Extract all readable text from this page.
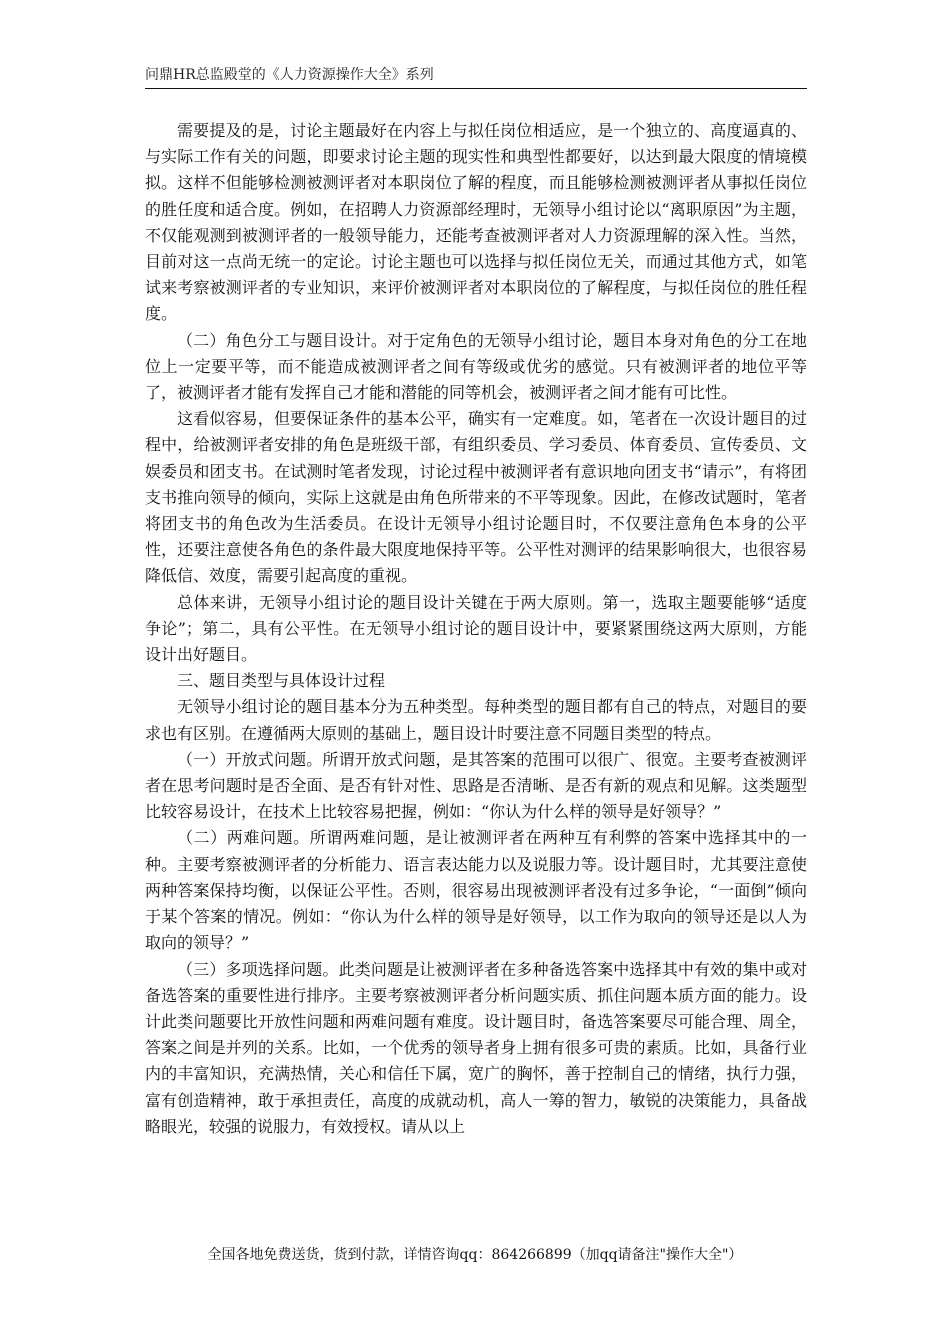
问鼎HR总监殿堂的《人力资源操作大全》系列

需要提及的是，讨论主题最好在内容上与拟任岗位相适应，是一个独立的、高度逼真的、与实际工作有关的问题，即要求讨论主题的现实性和典型性都要好，以达到最大限度的情境模拟。这样不但能够检测被测评者对本职岗位了解的程度，而且能够检测被测评者从事拟任岗位的胜任度和适合度。例如，在招聘人力资源部经理时，无领导小组讨论以“离职原因”为主题，不仅能观测到被测评者的一般领导能力，还能考查被测评者对人力资源理解的深入性。当然，目前对这一点尚无统一的定论。讨论主题也可以选择与拟任岗位无关，而通过其他方式，如笔试来考察被测评者的专业知识，来评价被测评者对本职岗位的了解程度，与拟任岗位的胜任程度。

（二）角色分工与题目设计。对于定角色的无领导小组讨论，题目本身对角色的分工在地位上一定要平等，而不能造成被测评者之间有等级或优劣的感觉。只有被测评者的地位平等了，被测评者才能有发挥自己才能和潜能的同等机会，被测评者之间才能有可比性。

这看似容易，但要保证条件的基本公平，确实有一定难度。如，笔者在一次设计题目的过程中，给被测评者安排的角色是班级干部，有组织委员、学习委员、体育委员、宣传委员、文娱委员和团支书。在试测时笔者发现，讨论过程中被测评者有意识地向团支书“请示”，有将团支书推向领导的倾向，实际上这就是由角色所带来的不平等现象。因此，在修改试题时，笔者将团支书的角色改为生活委员。在设计无领导小组讨论题目时，不仅要注意角色本身的公平性，还要注意使各角色的条件最大限度地保持平等。公平性对测评的结果影响很大，也很容易降低信、效度，需要引起高度的重视。

总体来讲，无领导小组讨论的题目设计关键在于两大原则。第一，选取主题要能够“适度争论”；第二，具有公平性。在无领导小组讨论的题目设计中，要紧紧围绕这两大原则，方能设计出好题目。

三、题目类型与具体设计过程

无领导小组讨论的题目基本分为五种类型。每种类型的题目都有自己的特点，对题目的要求也有区别。在遵循两大原则的基础上，题目设计时要注意不同题目类型的特点。

（一）开放式问题。所谓开放式问题，是其答案的范围可以很广、很宽。主要考查被测评者在思考问题时是否全面、是否有针对性、思路是否清晰、是否有新的观点和见解。这类题型比较容易设计，在技术上比较容易把握，例如：“你认为什么样的领导是好领导？”

（二）两难问题。所谓两难问题，是让被测评者在两种互有利弊的答案中选择其中的一种。主要考察被测评者的分析能力、语言表达能力以及说服力等。设计题目时，尤其要注意使两种答案保持均衡，以保证公平性。否则，很容易出现被测评者没有过多争论，“一面倒”倾向于某个答案的情况。例如：“你认为什么样的领导是好领导，以工作为取向的领导还是以人为取向的领导？”

（三）多项选择问题。此类问题是让被测评者在多种备选答案中选择其中有效的集中或对备选答案的重要性进行排序。主要考察被测评者分析问题实质、抓住问题本质方面的能力。设计此类问题要比开放性问题和两难问题有难度。设计题目时，备选答案要尽可能合理、周全，答案之间是并列的关系。比如，一个优秀的领导者身上拥有很多可贵的素质。比如，具备行业内的丰富知识，充满热情，关心和信任下属，宽广的胸怀，善于控制自己的情绪，执行力强，富有创造精神，敢于承担责任，高度的成就动机，高人一筹的智力，敏锐的决策能力，具备战略眼光，较强的说服力，有效授权。请从以上

全国各地免费送货，货到付款，详情咨询qq：864266899（加qq请备注"操作大全"）
